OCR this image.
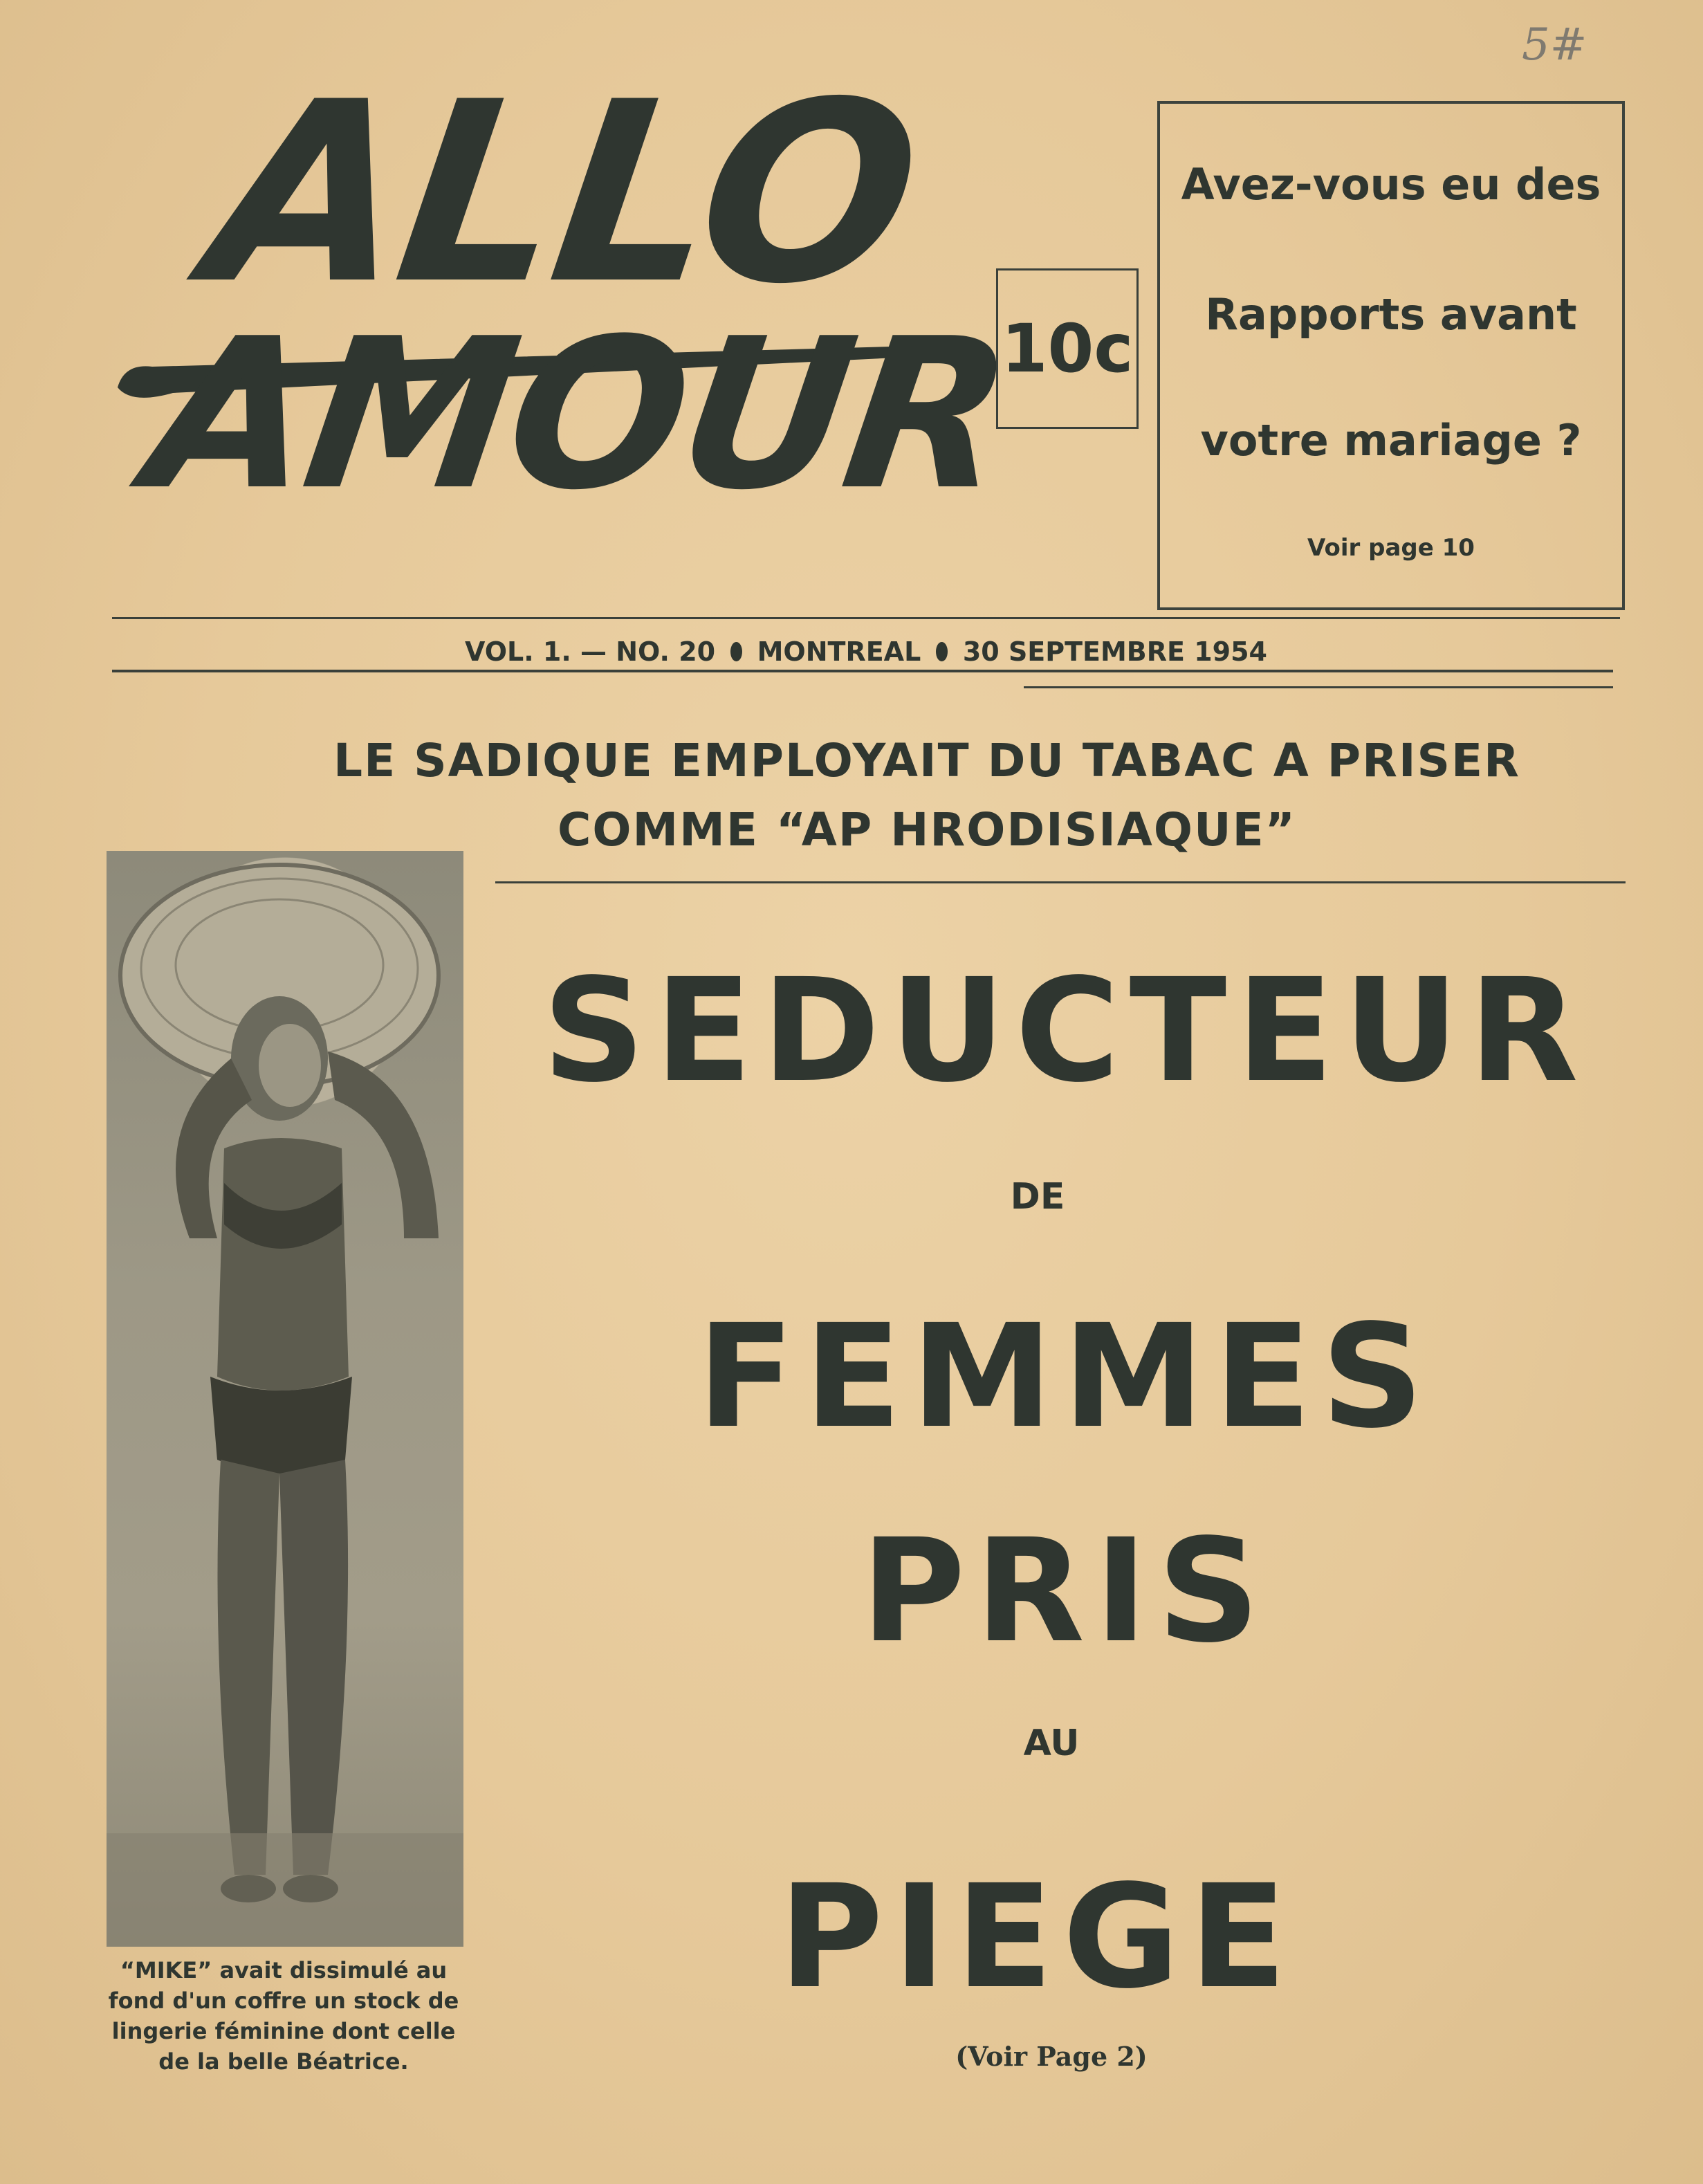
5#
ALLO
AMOUR
10c
Avez-vous eu des
Rapports avant
votre mariage ?
Voir page 10
VOL. 1. — NO. 20 MONTREAL 30 SEPTEMBRE 1954
LE SADIQUE EMPLOYAIT DU TABAC A PRISER
COMME “AP HRODISIAQUE”
“MIKE” avait dissimulé au
fond d'un coffre un stock de
lingerie féminine dont celle
de la belle Béatrice.
SEDUCTEUR
DE
FEMMES
PRIS
AU
PIEGE
(Voir Page 2)
